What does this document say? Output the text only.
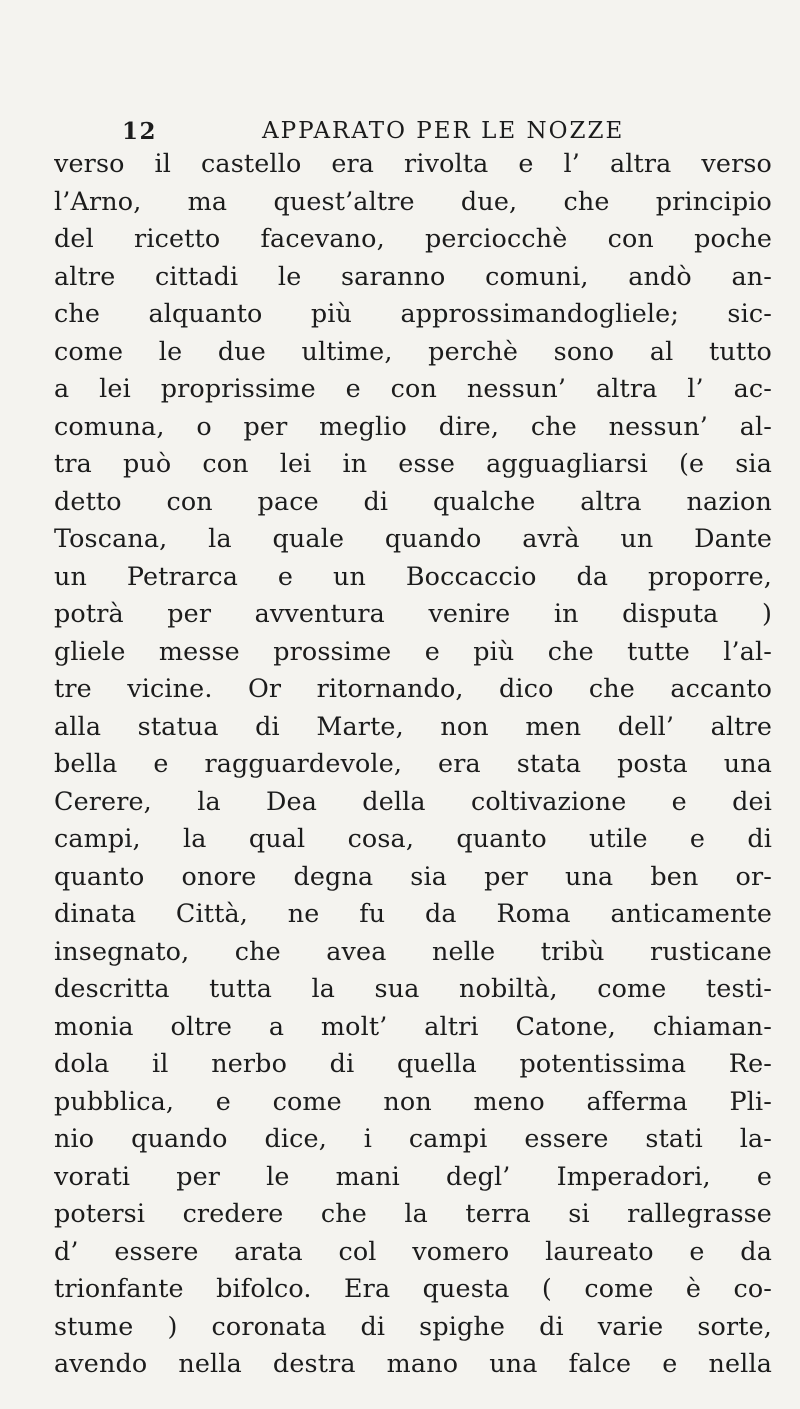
12	APPARATO PER LE NOZZE
verso il castello era rivolta e l’ altra verso
l’Arno, ma quest’altre due, che principio
del ricetto facevano, perciocchè con poche
altre cittadi le saranno comuni, andò an-
che alquanto più approssimandogliele; sic-
come le due ultime, perchè sono al tutto
a lei proprissime e con nessun’ altra l’ ac-
comuna, o per meglio dire, che nessun’ al-
tra può con lei in esse agguagliarsi (e sia
detto con pace di qualche altra nazion
Toscana, la quale quando avrà un Dante
un Petrarca e un Boccaccio da proporre,
potrà per avventura venire in disputa )
gliele messe prossime e più che tutte l’al-
tre vicine. Or ritornando, dico che accanto
alla statua di Marte, non men dell’ altre
bella e ragguardevole, era stata posta una
Cerere, la Dea della coltivazione e dei
campi, la qual cosa, quanto utile e di
quanto onore degna sia per una ben or-
dinata Città, ne fu da Roma anticamente
insegnato, che avea nelle tribù rusticane
descritta tutta la sua nobiltà, come testi-
monia oltre a molt’ altri Catone, chiaman-
dola il nerbo di quella potentissima Re-
pubblica, e come non meno afferma Pli-
nio quando dice, i campi essere stati la-
vorati per le mani degl’ Imperadori, e
potersi credere che la terra si rallegrasse
d’ essere arata col vomero laureato e da
trionfante bifolco. Era questa ( come è co-
stume ) coronata di spighe di varie sorte,
avendo nella destra mano una falce e nella
